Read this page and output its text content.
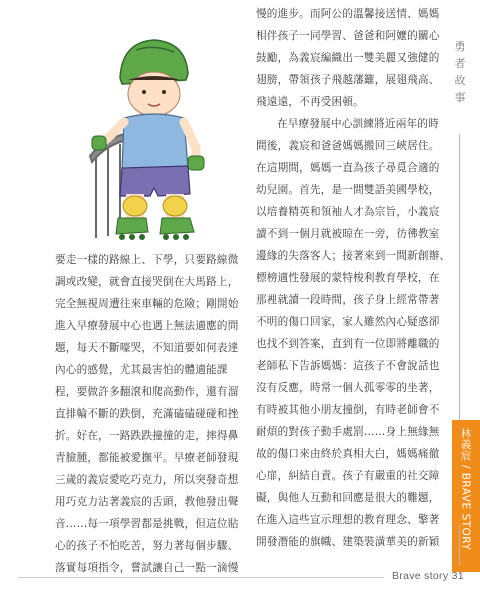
要走一樣的路線上、下學，只要路線微

調或改變，就會直接哭倒在大馬路上，

完全無視周遭往來車輛的危險；剛開始

進入早療發展中心也遇上無法適應的問

題，每天不斷嚎哭，不知道要如何表達

內心的感覺，尤其最害怕的體適能課

程，要做許多翻滾和爬高動作，還有溜

直排輪不斷的跌倒，充滿磕磕碰碰和挫

折。好在，一路跌跌撞撞的走，摔得鼻

青臉腫，都能被愛撫平。早療老師發現

三歲的義宸愛吃巧克力，所以突發奇想

用巧克力沾著義宸的舌頭，教他發出聲

音……每一項學習都是挑戰，但這位貼

心的孩子不怕吃苦，努力著每個步驟、

落實每項指令，嘗試讓自己一點一滴慢

慢的進步。而阿公的溫馨接送情、媽媽

相伴孩子一同學習、爸爸和阿嬤的關心

鼓勵，為義宸編織出一雙美麗又強健的

翅膀，帶領孩子飛越藩籬，展翅飛高、

飛遠遠，不再受困頓。

在早療發展中心訓練將近兩年的時

間後，義宸和爸爸媽媽搬回三峽居住。

在這期間，媽媽一直為孩子尋覓合適的

幼兒園。首先，是一間雙語美國學校，

以培養精英和領袖人才為宗旨，小義宸

讀不到一個月就被晾在一旁，彷彿教室

邊緣的失落客人；接著來到一間新創辦、

標榜適性發展的蒙特梭利教育學校，在

那裡就讀一段時間，孩子身上經常帶著

不明的傷口回家，家人雖然內心疑惑卻

也找不到答案，直到有一位即將離職的

老師私下告訴媽媽：這孩子不會說話也

沒有反應，時常一個人孤零零的坐著，

有時被其他小朋友撞倒，有時老師會不

耐煩的對孩子動手處罰……身上無緣無

故的傷口來由終於真相大白，媽媽痛徹

心扉，糾結自責。孩子有嚴重的社交障

礙，與他人互動和回應是很大的難題，

在進入這些宣示理想的教育理念、擎著

開發潛能的旗幟、建築裝潢華美的新穎

勇
者
故
事
林義宸 / BRAVE STORY
Brave story 31
